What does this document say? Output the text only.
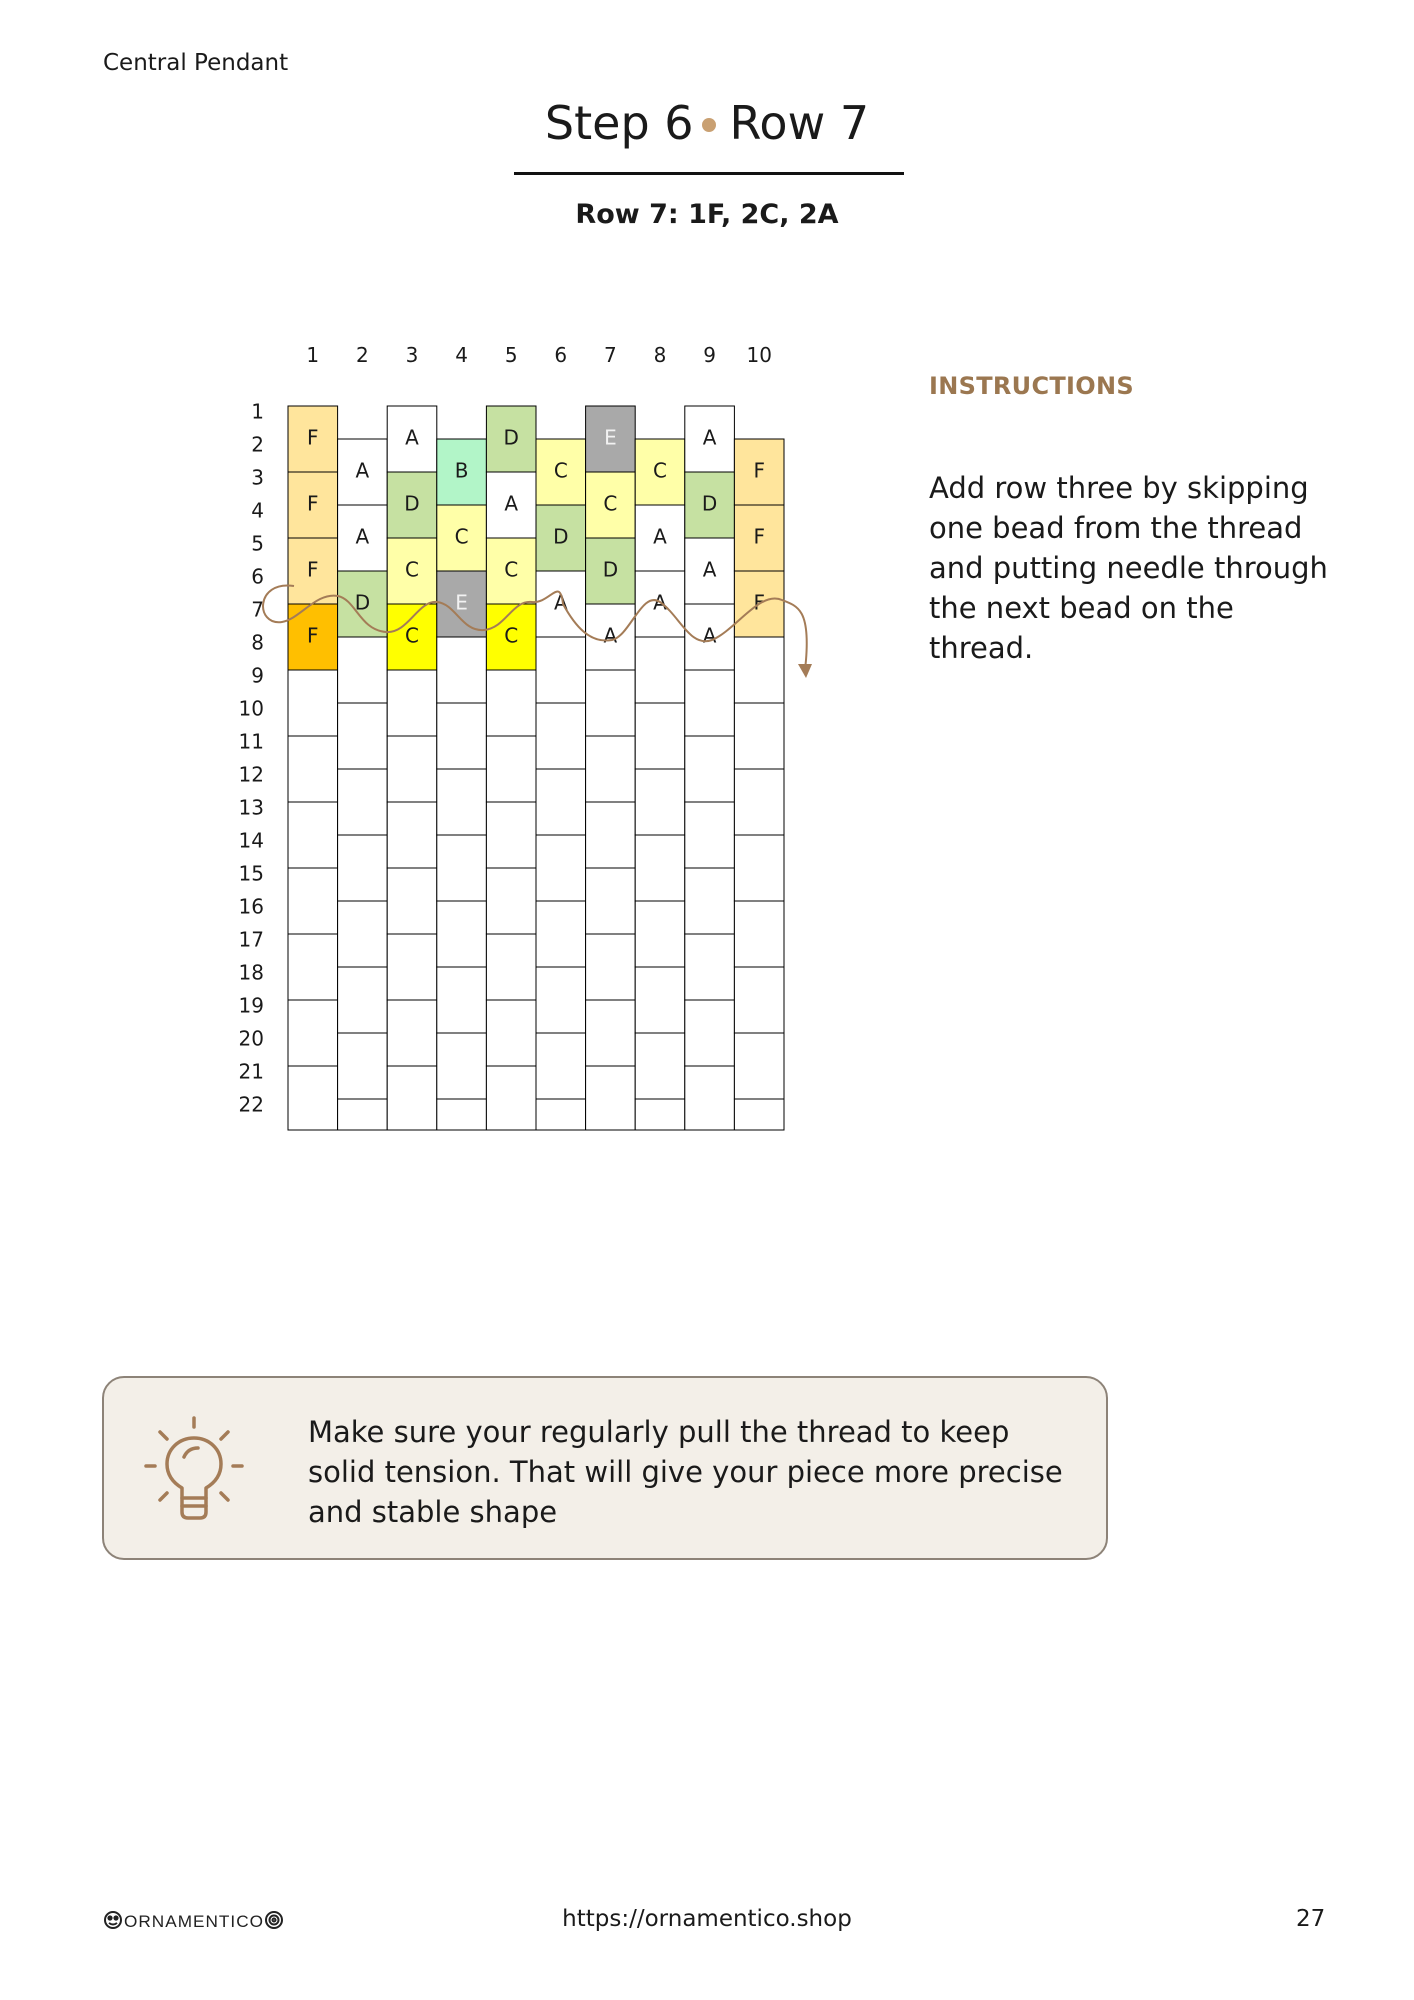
Central Pendant
Step 6 Row 7
Row 7: 1F, 2C, 2A
1 2 3 4 5 6 7 8 9 10
1
2
3
4
5
6
7
8
9
10
11
12
13
14
15
16
17
18
19
20
21
22
F
F
F
F
A
A
D
A
D
C
C
B
C
E
D
A
C
C
C
D
A
E
C
D
A
C
A
A
A
D
A
A
F
F
F
INSTRUCTIONS
Add row three by skipping one bead from the thread and putting needle through the next bead on the thread.
Make sure your regularly pull the thread to keep solid tension. That will give your piece more precise and stable shape
ORNAMENTICO	https://ornamentico.shop	27
